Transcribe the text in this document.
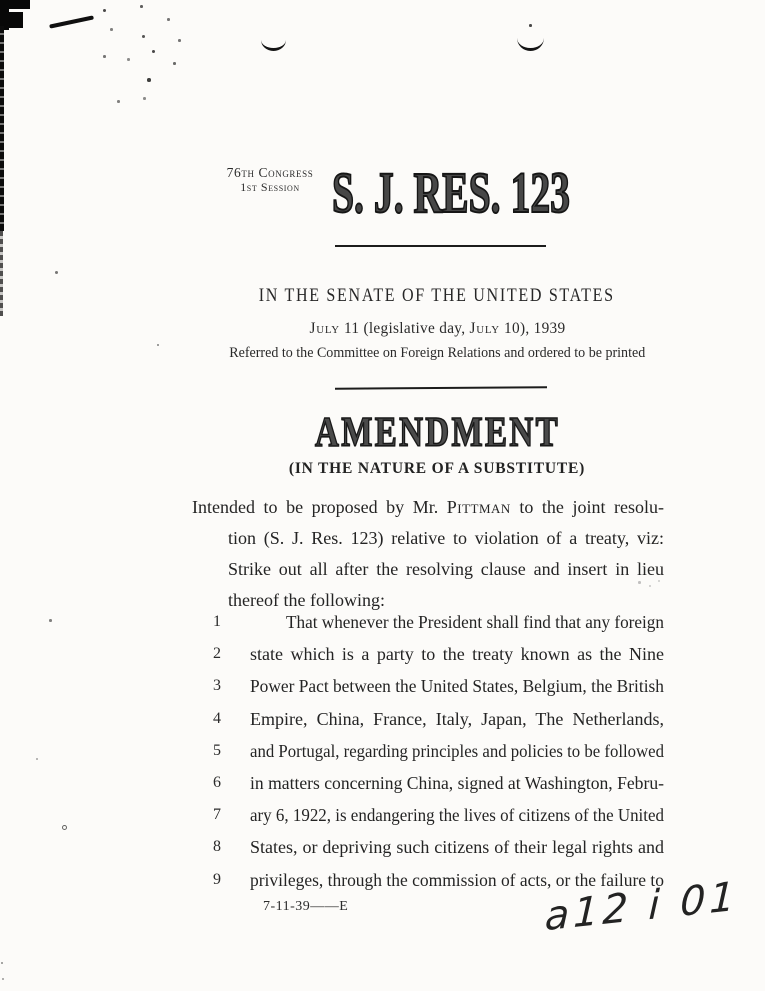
76th Congress
1st Session S. J. RES. 123
IN THE SENATE OF THE UNITED STATES
July 11 (legislative day, July 10), 1939
Referred to the Committee on Foreign Relations and ordered to be printed
AMENDMENT
(IN THE NATURE OF A SUBSTITUTE)
Intended to be proposed by Mr. Pittman to the joint resolu-
tion (S. J. Res. 123) relative to violation of a treaty, viz:
Strike out all after the resolving clause and insert in lieu
thereof the following:
1	That whenever the President shall find that any foreign
2 state which is a party to the treaty known as the Nine
3 Power Pact between the United States, Belgium, the British
4 Empire, China, France, Italy, Japan, The Netherlands,
5 and Portugal, regarding principles and policies to be followed
6 in matters concerning China, signed at Washington, Febru-
7 ary 6, 1922, is endangering the lives of citizens of the United
8 States, or depriving such citizens of their legal rights and
9 privileges, through the commission of acts, or the failure to
7-11-39——E	a12 i 01
